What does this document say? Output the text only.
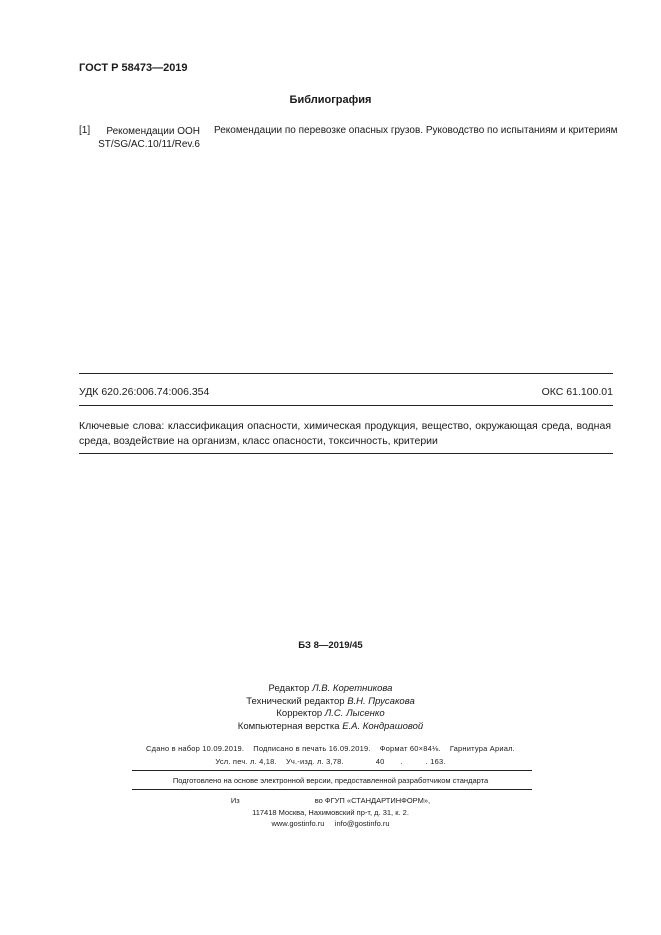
ГОСТ Р 58473—2019
Библиография
[1]	Рекомендации ООН
ST/SG/AC.10/11/Rev.6
Рекомендации по перевозке опасных грузов. Руководство по испытаниям и критериям
УДК 620.26:006.74:006.354	ОКС 61.100.01
Ключевые слова: классификация опасности, химическая продукция, вещество, окружающая среда, водная среда, воздействие на организм, класс опасности, токсичность, критерии
БЗ 8—2019/45
Редактор Л.В. Коретникова
Технический редактор В.Н. Прусакова
Корректор Л.С. Лысенко
Компьютерная верстка Е.А. Кондрашовой
Сдано в набор 10.09.2019.    Подписано в печать 16.09.2019.    Формат 60×84⅛.    Гарнитура Ариал.
Усл. печ. л. 4,18.    Уч.-изд. л. 3,78.              40       .          . 163.
Подготовлено на основе электронной версии, предоставленной разработчиком стандарта
Из                                    во ФГУП «СТАНДАРТИНФОРМ»,
117418 Москва, Нахимовский пр-т, д. 31, к. 2.
www.gostinfo.ru     info@gostinfo.ru
